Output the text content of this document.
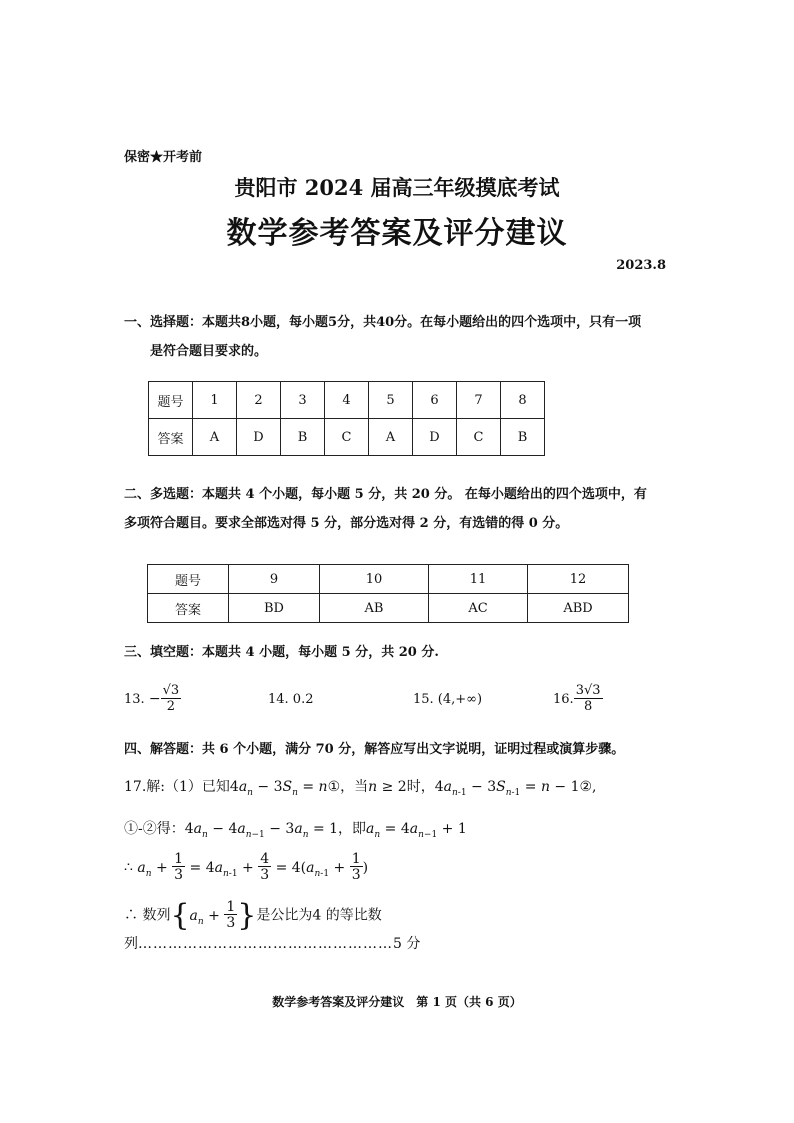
保密★开考前
贵阳市 2024 届高三年级摸底考试
数学参考答案及评分建议
2023.8
一、选择题：本题共8小题，每小题5分，共40分。在每小题给出的四个选项中，只有一项
是符合题目要求的。
题号	1	2	3	4	5	6	7	8
答案	A	D	B	C	A	D	C	B
二、多选题：本题共 4 个小题，每小题 5 分，共 20 分。 在每小题给出的四个选项中，有
多项符合题目。要求全部选对得 5 分，部分选对得 2 分，有选错的得 0 分。
题号	9	10	11	12
答案	BD	AB	AC	ABD
三、填空题：本题共 4 小题，每小题 5 分，共 20 分.
13. − $\frac{√3}{2}$	14. 0.2	15. (4,+∞)	16. $\frac{3√3}{8}$
四、解答题：共 6 个小题，满分 70 分，解答应写出文字说明，证明过程或演算步骤。
17.解:（1）已知$4a_n - 3S_n$ = n①，当n ≥ 2时，$4a_{n-1} - 3S_{n-1} = n$ − 1②,
①-②得：$4a_n - 4a_{n-1} - 3a_n = 1$，即$a_n = 4a_{n-1} + 1$
∴ $a_n + \frac{1}{3} = 4a_{n-1} + \frac{4}{3} = 4(a_{n-1} + \frac{1}{3}$ )
∴ 数列{$a_n + \frac{1}{3}$ }是公比为4 的等比数列……………………………………………5 分
数学参考答案及评分建议　第 1 页（共 6 页）
